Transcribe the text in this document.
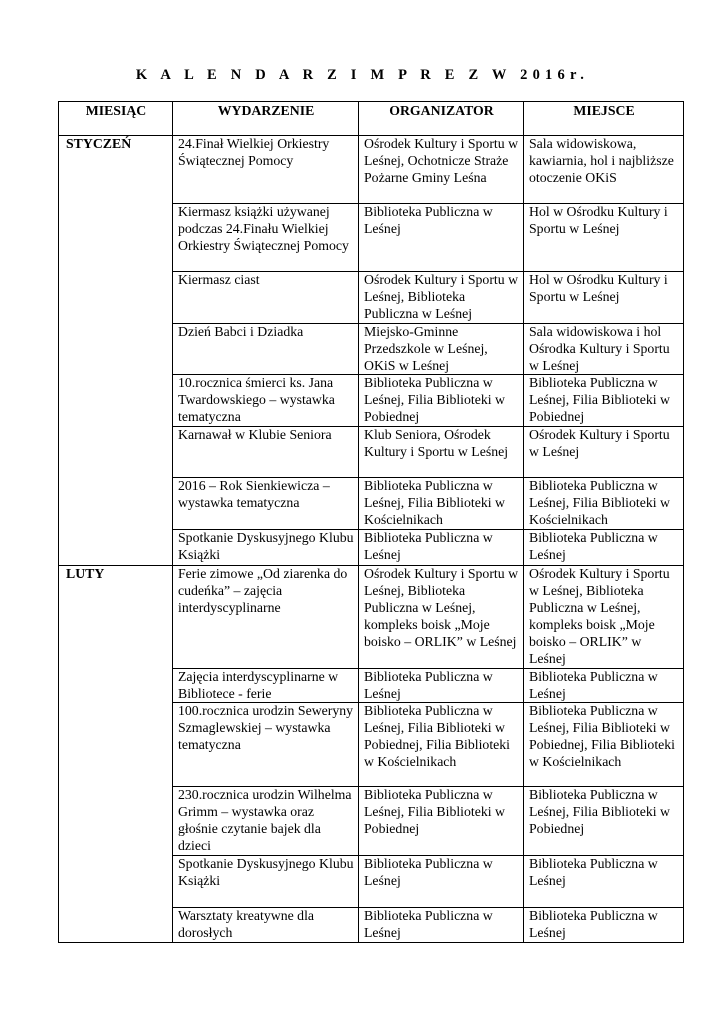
K A L E N D A R Z I M P R E Z W 2016r.
MIESIĄC	WYDARZENIE	ORGANIZATOR	MIEJSCE
STYCZEŃ	24.Finał Wielkiej Orkiestry Świątecznej Pomocy	Ośrodek Kultury i Sportu w Leśnej, Ochotnicze Straże Pożarne Gminy Leśna	Sala widowiskowa, kawiarnia, hol i najbliższe otoczenie OKiS
	Kiermasz książki używanej podczas 24.Finału Wielkiej Orkiestry Świątecznej Pomocy	Biblioteka Publiczna w Leśnej	Hol w Ośrodku Kultury i Sportu w Leśnej
	Kiermasz ciast	Ośrodek Kultury i Sportu w Leśnej, Biblioteka Publiczna w Leśnej	Hol w Ośrodku Kultury i Sportu w Leśnej
	Dzień Babci i Dziadka	Miejsko-Gminne Przedszkole w Leśnej, OKiS w Leśnej	Sala widowiskowa i hol Ośrodka Kultury i Sportu w Leśnej
	10.rocznica śmierci ks. Jana Twardowskiego – wystawka tematyczna	Biblioteka Publiczna w Leśnej, Filia Biblioteki w Pobiednej	Biblioteka Publiczna w Leśnej, Filia Biblioteki w Pobiednej
	Karnawał w Klubie Seniora	Klub Seniora, Ośrodek Kultury i Sportu w Leśnej	Ośrodek Kultury i Sportu w Leśnej
	2016 – Rok Sienkiewicza – wystawka tematyczna	Biblioteka Publiczna w Leśnej, Filia Biblioteki w Kościelnikach	Biblioteka Publiczna w Leśnej, Filia Biblioteki w Kościelnikach
	Spotkanie Dyskusyjnego Klubu Książki	Biblioteka Publiczna w Leśnej	Biblioteka Publiczna w Leśnej
LUTY	Ferie zimowe „Od ziarenka do cudeńka” – zajęcia interdyscyplinarne	Ośrodek Kultury i Sportu w Leśnej, Biblioteka Publiczna w Leśnej, kompleks boisk „Moje boisko – ORLIK” w Leśnej	Ośrodek Kultury i Sportu w Leśnej, Biblioteka Publiczna w Leśnej, kompleks boisk „Moje boisko – ORLIK” w Leśnej
	Zajęcia interdyscyplinarne w Bibliotece - ferie	Biblioteka Publiczna w Leśnej	Biblioteka Publiczna w Leśnej
	100.rocznica urodzin Seweryny Szmaglewskiej – wystawka tematyczna	Biblioteka Publiczna w Leśnej, Filia Biblioteki w Pobiednej, Filia Biblioteki w Kościelnikach	Biblioteka Publiczna w Leśnej, Filia Biblioteki w Pobiednej, Filia Biblioteki w Kościelnikach
	230.rocznica urodzin Wilhelma Grimm – wystawka oraz głośnie czytanie bajek dla dzieci	Biblioteka Publiczna w Leśnej, Filia Biblioteki w Pobiednej	Biblioteka Publiczna w Leśnej, Filia Biblioteki w Pobiednej
	Spotkanie Dyskusyjnego Klubu Książki	Biblioteka Publiczna w Leśnej	Biblioteka Publiczna w Leśnej
	Warsztaty kreatywne dla dorosłych	Biblioteka Publiczna w Leśnej	Biblioteka Publiczna w Leśnej
